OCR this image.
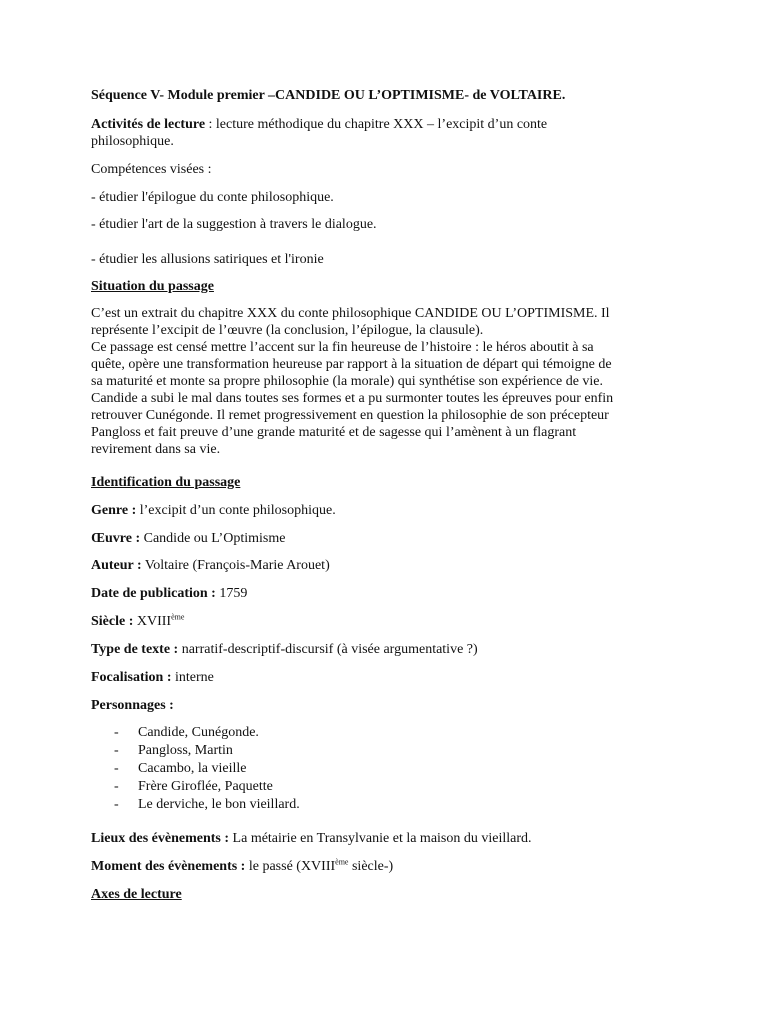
Séquence V- Module premier –CANDIDE OU L’OPTIMISME- de VOLTAIRE.
Activités de lecture : lecture méthodique du chapitre XXX – l’excipit d’un conte
philosophique.
Compétences visées :
- étudier l'épilogue du conte philosophique.
- étudier l'art de la suggestion à travers le dialogue.
- étudier les allusions satiriques et l'ironie
Situation du passage
C’est un extrait du chapitre XXX du conte philosophique CANDIDE OU L’OPTIMISME. Il
représente l’excipit de l’œuvre (la conclusion, l’épilogue, la clausule).
Ce passage est censé mettre l’accent sur la fin heureuse de l’histoire : le héros aboutit à sa
quête, opère une transformation heureuse par rapport à la situation de départ qui témoigne de
sa maturité et monte sa propre philosophie (la morale) qui synthétise son expérience de vie.
Candide a subi le mal dans toutes ses formes et a pu surmonter toutes les épreuves pour enfin
retrouver Cunégonde. Il remet progressivement en question la philosophie de son précepteur
Pangloss et fait preuve d’une grande maturité et de sagesse qui l’amènent à un flagrant
revirement dans sa vie.
Identification du passage
Genre : l’excipit d’un conte philosophique.
Œuvre : Candide ou L’Optimisme
Auteur : Voltaire (François-Marie Arouet)
Date de publication : 1759
Siècle : XVIIIème
Type de texte : narratif-descriptif-discursif (à visée argumentative ?)
Focalisation : interne
Personnages :
- Candide, Cunégonde.
- Pangloss, Martin
- Cacambo, la vieille
- Frère Giroflée, Paquette
- Le derviche, le bon vieillard.
Lieux des évènements : La métairie en Transylvanie et la maison du vieillard.
Moment des évènements : le passé (XVIIIème siècle-)
Axes de lecture
